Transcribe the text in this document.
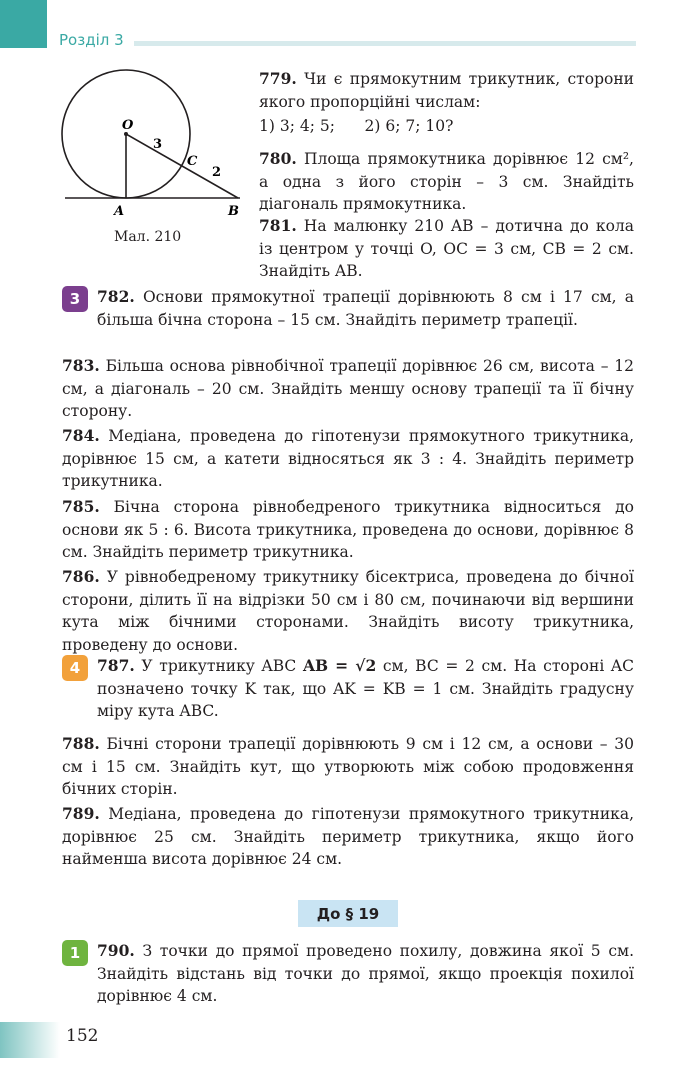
Розділ 3
O
3
C
2
A	B
Мал. 210

779. Чи є прямокутним трикутник, сторони якого пропорційні числам:

1) 3; 4; 5;      2) 6; 7; 10?

780. Площа прямокутника дорівнює 12 см², а одна з його сторін – 3 см. Знайдіть діагональ прямокутника.

781. На малюнку 210 AB – дотична до кола із центром у точці O, OC = 3 см, CB = 2 см. Знайдіть AB.

3	782. Основи прямокутної трапеції дорівнюють 8 см і 17 см, а більша бічна сторона – 15 см. Знайдіть периметр трапеції.

783. Більша основа рівнобічної трапеції дорівнює 26 см, висота – 12 см, а діагональ – 20 см. Знайдіть меншу основу трапеції та її бічну сторону.

784. Медіана, проведена до гіпотенузи прямокутного трикутника, дорівнює 15 см, а катети відносяться як 3 : 4. Знайдіть периметр трикутника.

785. Бічна сторона рівнобедреного трикутника відноситься до основи як 5 : 6. Висота трикутника, проведена до основи, дорівнює 8 см. Знайдіть периметр трикутника.

786. У рівнобедреному трикутнику бісектриса, проведена до бічної сторони, ділить її на відрізки 50 см і 80 см, починаючи від вершини кута між бічними сторонами. Знайдіть висоту трикутника, проведену до основи.

4	787. У трикутнику ABC AB = √2 см, BC = 2 см. На стороні AC позначено точку K так, що AK = KB = 1 см. Знайдіть градусну міру кута ABC.

788. Бічні сторони трапеції дорівнюють 9 см і 12 см, а основи – 30 см і 15 см. Знайдіть кут, що утворюють між собою продовження бічних сторін.

789. Медіана, проведена до гіпотенузи прямокутного трикутника, дорівнює 25 см. Знайдіть периметр трикутника, якщо його найменша висота дорівнює 24 см.

До § 19
1	790. З точки до прямої проведено похилу, довжина якої 5 см. Знайдіть відстань від точки до прямої, якщо проекція похилої дорівнює 4 см.

152
